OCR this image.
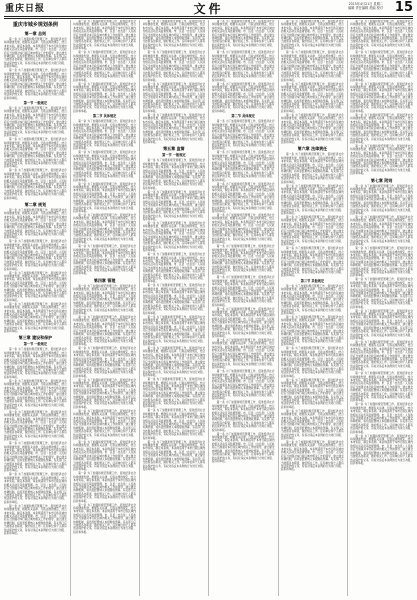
重庆日报	文件	2015年4月21日 星期二
编辑 责任编辑 美编 校对 15
重庆市城乡规划条例
第一章 总则

第一条 为了加强和规范管理工作，促进经济社会持续健康发展，根据有关法律、行政法规的规定，结合本市实际，制定本条例。本条例适用于本市行政区域内的相关活动及其监督管理。市、区县（自治县）人民政府应当加强对本行政区域内相关工作的领导，建立健全协调机制，将所需经费纳入本级财政预算。有关部门应当按照各自职责，做好相关工作。任何单位和个人都有依法保护的义务，有权对违反本条例的行为进行劝阻、投诉和举报。

第一条 为了加强和规范管理工作，促进经济社会持续健康发展，根据有关法律、行政法规的规定，结合本市实际，制定本条例。本条例适用于本市行政区域内的相关活动及其监督管理。市、区县（自治县）人民政府应当加强对本行政区域内相关工作的领导，建立健全协调机制，将所需经费纳入本级财政预算。有关部门应当按照各自职责，做好相关工作。任何单位和个人都有依法保护的义务，有权对违反本条例的行为进行劝阻、投诉和举报。

第一节 一般规定

第一条 为了加强和规范管理工作，促进经济社会持续健康发展，根据有关法律、行政法规的规定，结合本市实际，制定本条例。本条例适用于本市行政区域内的相关活动及其监督管理。市、区县（自治县）人民政府应当加强对本行政区域内相关工作的领导，建立健全协调机制，将所需经费纳入本级财政预算。有关部门应当按照各自职责，做好相关工作。任何单位和个人都有依法保护的义务，有权对违反本条例的行为进行劝阻、投诉和举报。

第一条 为了加强和规范管理工作，促进经济社会持续健康发展，根据有关法律、行政法规的规定，结合本市实际，制定本条例。本条例适用于本市行政区域内的相关活动及其监督管理。市、区县（自治县）人民政府应当加强对本行政区域内相关工作的领导，建立健全协调机制，将所需经费纳入本级财政预算。有关部门应当按照各自职责，做好相关工作。任何单位和个人都有依法保护的义务，有权对违反本条例的行为进行劝阻、投诉和举报。

第一条 为了加强和规范管理工作，促进经济社会持续健康发展，根据有关法律、行政法规的规定，结合本市实际，制定本条例。本条例适用于本市行政区域内的相关活动及其监督管理。市、区县（自治县）人民政府应当加强对本行政区域内相关工作的领导，建立健全协调机制，将所需经费纳入本级财政预算。有关部门应当按照各自职责，做好相关工作。任何单位和个人都有依法保护的义务，有权对违反本条例的行为进行劝阻、投诉和举报。

第二章 规划

第一条 为了加强和规范管理工作，促进经济社会持续健康发展，根据有关法律、行政法规的规定，结合本市实际，制定本条例。本条例适用于本市行政区域内的相关活动及其监督管理。市、区县（自治县）人民政府应当加强对本行政区域内相关工作的领导，建立健全协调机制，将所需经费纳入本级财政预算。有关部门应当按照各自职责，做好相关工作。任何单位和个人都有依法保护的义务，有权对违反本条例的行为进行劝阻、投诉和举报。

第一条 为了加强和规范管理工作，促进经济社会持续健康发展，根据有关法律、行政法规的规定，结合本市实际，制定本条例。本条例适用于本市行政区域内的相关活动及其监督管理。市、区县（自治县）人民政府应当加强对本行政区域内相关工作的领导，建立健全协调机制，将所需经费纳入本级财政预算。有关部门应当按照各自职责，做好相关工作。任何单位和个人都有依法保护的义务，有权对违反本条例的行为进行劝阻、投诉和举报。

第一条 为了加强和规范管理工作，促进经济社会持续健康发展，根据有关法律、行政法规的规定，结合本市实际，制定本条例。本条例适用于本市行政区域内的相关活动及其监督管理。市、区县（自治县）人民政府应当加强对本行政区域内相关工作的领导，建立健全协调机制，将所需经费纳入本级财政预算。有关部门应当按照各自职责，做好相关工作。任何单位和个人都有依法保护的义务，有权对违反本条例的行为进行劝阻、投诉和举报。

第一条 为了加强和规范管理工作，促进经济社会持续健康发展，根据有关法律、行政法规的规定，结合本市实际，制定本条例。本条例适用于本市行政区域内的相关活动及其监督管理。市、区县（自治县）人民政府应当加强对本行政区域内相关工作的领导，建立健全协调机制，将所需经费纳入本级财政预算。有关部门应当按照各自职责，做好相关工作。任何单位和个人都有依法保护的义务，有权对违反本条例的行为进行劝阻、投诉和举报。

第三章 建设和保护
第一节 一般规定

第一条 为了加强和规范管理工作，促进经济社会持续健康发展，根据有关法律、行政法规的规定，结合本市实际，制定本条例。本条例适用于本市行政区域内的相关活动及其监督管理。市、区县（自治县）人民政府应当加强对本行政区域内相关工作的领导，建立健全协调机制，将所需经费纳入本级财政预算。有关部门应当按照各自职责，做好相关工作。任何单位和个人都有依法保护的义务，有权对违反本条例的行为进行劝阻、投诉和举报。

第一条 为了加强和规范管理工作，促进经济社会持续健康发展，根据有关法律、行政法规的规定，结合本市实际，制定本条例。本条例适用于本市行政区域内的相关活动及其监督管理。市、区县（自治县）人民政府应当加强对本行政区域内相关工作的领导，建立健全协调机制，将所需经费纳入本级财政预算。有关部门应当按照各自职责，做好相关工作。任何单位和个人都有依法保护的义务，有权对违反本条例的行为进行劝阻、投诉和举报。

第一条 为了加强和规范管理工作，促进经济社会持续健康发展，根据有关法律、行政法规的规定，结合本市实际，制定本条例。本条例适用于本市行政区域内的相关活动及其监督管理。市、区县（自治县）人民政府应当加强对本行政区域内相关工作的领导，建立健全协调机制，将所需经费纳入本级财政预算。有关部门应当按照各自职责，做好相关工作。任何单位和个人都有依法保护的义务，有权对违反本条例的行为进行劝阻、投诉和举报。

第一条 为了加强和规范管理工作，促进经济社会持续健康发展，根据有关法律、行政法规的规定，结合本市实际，制定本条例。本条例适用于本市行政区域内的相关活动及其监督管理。市、区县（自治县）人民政府应当加强对本行政区域内相关工作的领导，建立健全协调机制，将所需经费纳入本级财政预算。有关部门应当按照各自职责，做好相关工作。任何单位和个人都有依法保护的义务，有权对违反本条例的行为进行劝阻、投诉和举报。

第一条 为了加强和规范管理工作，促进经济社会持续健康发展，根据有关法律、行政法规的规定，结合本市实际，制定本条例。本条例适用于本市行政区域内的相关活动及其监督管理。市、区县（自治县）人民政府应当加强对本行政区域内相关工作的领导，建立健全协调机制，将所需经费纳入本级财政预算。有关部门应当按照各自职责，做好相关工作。任何单位和个人都有依法保护的义务，有权对违反本条例的行为进行劝阻、投诉和举报。

第一条 为了加强和规范管理工作，促进经济社会持续健康发展，根据有关法律、行政法规的规定，结合本市实际，制定本条例。本条例适用于本市行政区域内的相关活动及其监督管理。市、区县（自治县）人民政府应当加强对本行政区域内相关工作的领导，建立健全协调机制，将所需经费纳入本级财政预算。有关部门应当按照各自职责，做好相关工作。任何单位和个人都有依法保护的义务，有权对违反本条例的行为进行劝阻、投诉和举报。

第一条 为了加强和规范管理工作，促进经济社会持续健康发展，根据有关法律、行政法规的规定，结合本市实际，制定本条例。本条例适用于本市行政区域内的相关活动及其监督管理。市、区县（自治县）人民政府应当加强对本行政区域内相关工作的领导，建立健全协调机制，将所需经费纳入本级财政预算。有关部门应当按照各自职责，做好相关工作。任何单位和个人都有依法保护的义务，有权对违反本条例的行为进行劝阻、投诉和举报。

第一条 为了加强和规范管理工作，促进经济社会持续健康发展，根据有关法律、行政法规的规定，结合本市实际，制定本条例。本条例适用于本市行政区域内的相关活动及其监督管理。市、区县（自治县）人民政府应当加强对本行政区域内相关工作的领导，建立健全协调机制，将所需经费纳入本级财政预算。有关部门应当按照各自职责，做好相关工作。任何单位和个人都有依法保护的义务，有权对违反本条例的行为进行劝阻、投诉和举报。

第一条 为了加强和规范管理工作，促进经济社会持续健康发展，根据有关法律、行政法规的规定，结合本市实际，制定本条例。本条例适用于本市行政区域内的相关活动及其监督管理。市、区县（自治县）人民政府应当加强对本行政区域内相关工作的领导，建立健全协调机制，将所需经费纳入本级财政预算。有关部门应当按照各自职责，做好相关工作。任何单位和个人都有依法保护的义务，有权对违反本条例的行为进行劝阻、投诉和举报。

第二节 具体规定

第一条 为了加强和规范管理工作，促进经济社会持续健康发展，根据有关法律、行政法规的规定，结合本市实际，制定本条例。本条例适用于本市行政区域内的相关活动及其监督管理。市、区县（自治县）人民政府应当加强对本行政区域内相关工作的领导，建立健全协调机制，将所需经费纳入本级财政预算。有关部门应当按照各自职责，做好相关工作。任何单位和个人都有依法保护的义务，有权对违反本条例的行为进行劝阻、投诉和举报。

第一条 为了加强和规范管理工作，促进经济社会持续健康发展，根据有关法律、行政法规的规定，结合本市实际，制定本条例。本条例适用于本市行政区域内的相关活动及其监督管理。市、区县（自治县）人民政府应当加强对本行政区域内相关工作的领导，建立健全协调机制，将所需经费纳入本级财政预算。有关部门应当按照各自职责，做好相关工作。任何单位和个人都有依法保护的义务，有权对违反本条例的行为进行劝阻、投诉和举报。

第一条 为了加强和规范管理工作，促进经济社会持续健康发展，根据有关法律、行政法规的规定，结合本市实际，制定本条例。本条例适用于本市行政区域内的相关活动及其监督管理。市、区县（自治县）人民政府应当加强对本行政区域内相关工作的领导，建立健全协调机制，将所需经费纳入本级财政预算。有关部门应当按照各自职责，做好相关工作。任何单位和个人都有依法保护的义务，有权对违反本条例的行为进行劝阻、投诉和举报。

第一条 为了加强和规范管理工作，促进经济社会持续健康发展，根据有关法律、行政法规的规定，结合本市实际，制定本条例。本条例适用于本市行政区域内的相关活动及其监督管理。市、区县（自治县）人民政府应当加强对本行政区域内相关工作的领导，建立健全协调机制，将所需经费纳入本级财政预算。有关部门应当按照各自职责，做好相关工作。任何单位和个人都有依法保护的义务，有权对违反本条例的行为进行劝阻、投诉和举报。

第一条 为了加强和规范管理工作，促进经济社会持续健康发展，根据有关法律、行政法规的规定，结合本市实际，制定本条例。本条例适用于本市行政区域内的相关活动及其监督管理。市、区县（自治县）人民政府应当加强对本行政区域内相关工作的领导，建立健全协调机制，将所需经费纳入本级财政预算。有关部门应当按照各自职责，做好相关工作。任何单位和个人都有依法保护的义务，有权对违反本条例的行为进行劝阻、投诉和举报。

第四章 管理

第一条 为了加强和规范管理工作，促进经济社会持续健康发展，根据有关法律、行政法规的规定，结合本市实际，制定本条例。本条例适用于本市行政区域内的相关活动及其监督管理。市、区县（自治县）人民政府应当加强对本行政区域内相关工作的领导，建立健全协调机制，将所需经费纳入本级财政预算。有关部门应当按照各自职责，做好相关工作。任何单位和个人都有依法保护的义务，有权对违反本条例的行为进行劝阻、投诉和举报。

第一条 为了加强和规范管理工作，促进经济社会持续健康发展，根据有关法律、行政法规的规定，结合本市实际，制定本条例。本条例适用于本市行政区域内的相关活动及其监督管理。市、区县（自治县）人民政府应当加强对本行政区域内相关工作的领导，建立健全协调机制，将所需经费纳入本级财政预算。有关部门应当按照各自职责，做好相关工作。任何单位和个人都有依法保护的义务，有权对违反本条例的行为进行劝阻、投诉和举报。

第一条 为了加强和规范管理工作，促进经济社会持续健康发展，根据有关法律、行政法规的规定，结合本市实际，制定本条例。本条例适用于本市行政区域内的相关活动及其监督管理。市、区县（自治县）人民政府应当加强对本行政区域内相关工作的领导，建立健全协调机制，将所需经费纳入本级财政预算。有关部门应当按照各自职责，做好相关工作。任何单位和个人都有依法保护的义务，有权对违反本条例的行为进行劝阻、投诉和举报。

第一条 为了加强和规范管理工作，促进经济社会持续健康发展，根据有关法律、行政法规的规定，结合本市实际，制定本条例。本条例适用于本市行政区域内的相关活动及其监督管理。市、区县（自治县）人民政府应当加强对本行政区域内相关工作的领导，建立健全协调机制，将所需经费纳入本级财政预算。有关部门应当按照各自职责，做好相关工作。任何单位和个人都有依法保护的义务，有权对违反本条例的行为进行劝阻、投诉和举报。

第一条 为了加强和规范管理工作，促进经济社会持续健康发展，根据有关法律、行政法规的规定，结合本市实际，制定本条例。本条例适用于本市行政区域内的相关活动及其监督管理。市、区县（自治县）人民政府应当加强对本行政区域内相关工作的领导，建立健全协调机制，将所需经费纳入本级财政预算。有关部门应当按照各自职责，做好相关工作。任何单位和个人都有依法保护的义务，有权对违反本条例的行为进行劝阻、投诉和举报。

第一条 为了加强和规范管理工作，促进经济社会持续健康发展，根据有关法律、行政法规的规定，结合本市实际，制定本条例。本条例适用于本市行政区域内的相关活动及其监督管理。市、区县（自治县）人民政府应当加强对本行政区域内相关工作的领导，建立健全协调机制，将所需经费纳入本级财政预算。有关部门应当按照各自职责，做好相关工作。任何单位和个人都有依法保护的义务，有权对违反本条例的行为进行劝阻、投诉和举报。

第一条 为了加强和规范管理工作，促进经济社会持续健康发展，根据有关法律、行政法规的规定，结合本市实际，制定本条例。本条例适用于本市行政区域内的相关活动及其监督管理。市、区县（自治县）人民政府应当加强对本行政区域内相关工作的领导，建立健全协调机制，将所需经费纳入本级财政预算。有关部门应当按照各自职责，做好相关工作。任何单位和个人都有依法保护的义务，有权对违反本条例的行为进行劝阻、投诉和举报。

第一条 为了加强和规范管理工作，促进经济社会持续健康发展，根据有关法律、行政法规的规定，结合本市实际，制定本条例。本条例适用于本市行政区域内的相关活动及其监督管理。市、区县（自治县）人民政府应当加强对本行政区域内相关工作的领导，建立健全协调机制，将所需经费纳入本级财政预算。有关部门应当按照各自职责，做好相关工作。任何单位和个人都有依法保护的义务，有权对违反本条例的行为进行劝阻、投诉和举报。

第一条 为了加强和规范管理工作，促进经济社会持续健康发展，根据有关法律、行政法规的规定，结合本市实际，制定本条例。本条例适用于本市行政区域内的相关活动及其监督管理。市、区县（自治县）人民政府应当加强对本行政区域内相关工作的领导，建立健全协调机制，将所需经费纳入本级财政预算。有关部门应当按照各自职责，做好相关工作。任何单位和个人都有依法保护的义务，有权对违反本条例的行为进行劝阻、投诉和举报。

第一条 为了加强和规范管理工作，促进经济社会持续健康发展，根据有关法律、行政法规的规定，结合本市实际，制定本条例。本条例适用于本市行政区域内的相关活动及其监督管理。市、区县（自治县）人民政府应当加强对本行政区域内相关工作的领导，建立健全协调机制，将所需经费纳入本级财政预算。有关部门应当按照各自职责，做好相关工作。任何单位和个人都有依法保护的义务，有权对违反本条例的行为进行劝阻、投诉和举报。

第一条 为了加强和规范管理工作，促进经济社会持续健康发展，根据有关法律、行政法规的规定，结合本市实际，制定本条例。本条例适用于本市行政区域内的相关活动及其监督管理。市、区县（自治县）人民政府应当加强对本行政区域内相关工作的领导，建立健全协调机制，将所需经费纳入本级财政预算。有关部门应当按照各自职责，做好相关工作。任何单位和个人都有依法保护的义务，有权对违反本条例的行为进行劝阻、投诉和举报。

第一条 为了加强和规范管理工作，促进经济社会持续健康发展，根据有关法律、行政法规的规定，结合本市实际，制定本条例。本条例适用于本市行政区域内的相关活动及其监督管理。市、区县（自治县）人民政府应当加强对本行政区域内相关工作的领导，建立健全协调机制，将所需经费纳入本级财政预算。有关部门应当按照各自职责，做好相关工作。任何单位和个人都有依法保护的义务，有权对违反本条例的行为进行劝阻、投诉和举报。

第五章 监督
第一节 一般规定

第一条 为了加强和规范管理工作，促进经济社会持续健康发展，根据有关法律、行政法规的规定，结合本市实际，制定本条例。本条例适用于本市行政区域内的相关活动及其监督管理。市、区县（自治县）人民政府应当加强对本行政区域内相关工作的领导，建立健全协调机制，将所需经费纳入本级财政预算。有关部门应当按照各自职责，做好相关工作。任何单位和个人都有依法保护的义务，有权对违反本条例的行为进行劝阻、投诉和举报。

第一条 为了加强和规范管理工作，促进经济社会持续健康发展，根据有关法律、行政法规的规定，结合本市实际，制定本条例。本条例适用于本市行政区域内的相关活动及其监督管理。市、区县（自治县）人民政府应当加强对本行政区域内相关工作的领导，建立健全协调机制，将所需经费纳入本级财政预算。有关部门应当按照各自职责，做好相关工作。任何单位和个人都有依法保护的义务，有权对违反本条例的行为进行劝阻、投诉和举报。

第一条 为了加强和规范管理工作，促进经济社会持续健康发展，根据有关法律、行政法规的规定，结合本市实际，制定本条例。本条例适用于本市行政区域内的相关活动及其监督管理。市、区县（自治县）人民政府应当加强对本行政区域内相关工作的领导，建立健全协调机制，将所需经费纳入本级财政预算。有关部门应当按照各自职责，做好相关工作。任何单位和个人都有依法保护的义务，有权对违反本条例的行为进行劝阻、投诉和举报。

第一条 为了加强和规范管理工作，促进经济社会持续健康发展，根据有关法律、行政法规的规定，结合本市实际，制定本条例。本条例适用于本市行政区域内的相关活动及其监督管理。市、区县（自治县）人民政府应当加强对本行政区域内相关工作的领导，建立健全协调机制，将所需经费纳入本级财政预算。有关部门应当按照各自职责，做好相关工作。任何单位和个人都有依法保护的义务，有权对违反本条例的行为进行劝阻、投诉和举报。

第一条 为了加强和规范管理工作，促进经济社会持续健康发展，根据有关法律、行政法规的规定，结合本市实际，制定本条例。本条例适用于本市行政区域内的相关活动及其监督管理。市、区县（自治县）人民政府应当加强对本行政区域内相关工作的领导，建立健全协调机制，将所需经费纳入本级财政预算。有关部门应当按照各自职责，做好相关工作。任何单位和个人都有依法保护的义务，有权对违反本条例的行为进行劝阻、投诉和举报。

第一条 为了加强和规范管理工作，促进经济社会持续健康发展，根据有关法律、行政法规的规定，结合本市实际，制定本条例。本条例适用于本市行政区域内的相关活动及其监督管理。市、区县（自治县）人民政府应当加强对本行政区域内相关工作的领导，建立健全协调机制，将所需经费纳入本级财政预算。有关部门应当按照各自职责，做好相关工作。任何单位和个人都有依法保护的义务，有权对违反本条例的行为进行劝阻、投诉和举报。

第一条 为了加强和规范管理工作，促进经济社会持续健康发展，根据有关法律、行政法规的规定，结合本市实际，制定本条例。本条例适用于本市行政区域内的相关活动及其监督管理。市、区县（自治县）人民政府应当加强对本行政区域内相关工作的领导，建立健全协调机制，将所需经费纳入本级财政预算。有关部门应当按照各自职责，做好相关工作。任何单位和个人都有依法保护的义务，有权对违反本条例的行为进行劝阻、投诉和举报。

第一条 为了加强和规范管理工作，促进经济社会持续健康发展，根据有关法律、行政法规的规定，结合本市实际，制定本条例。本条例适用于本市行政区域内的相关活动及其监督管理。市、区县（自治县）人民政府应当加强对本行政区域内相关工作的领导，建立健全协调机制，将所需经费纳入本级财政预算。有关部门应当按照各自职责，做好相关工作。任何单位和个人都有依法保护的义务，有权对违反本条例的行为进行劝阻、投诉和举报。

第一条 为了加强和规范管理工作，促进经济社会持续健康发展，根据有关法律、行政法规的规定，结合本市实际，制定本条例。本条例适用于本市行政区域内的相关活动及其监督管理。市、区县（自治县）人民政府应当加强对本行政区域内相关工作的领导，建立健全协调机制，将所需经费纳入本级财政预算。有关部门应当按照各自职责，做好相关工作。任何单位和个人都有依法保护的义务，有权对违反本条例的行为进行劝阻、投诉和举报。

第一条 为了加强和规范管理工作，促进经济社会持续健康发展，根据有关法律、行政法规的规定，结合本市实际，制定本条例。本条例适用于本市行政区域内的相关活动及其监督管理。市、区县（自治县）人民政府应当加强对本行政区域内相关工作的领导，建立健全协调机制，将所需经费纳入本级财政预算。有关部门应当按照各自职责，做好相关工作。任何单位和个人都有依法保护的义务，有权对违反本条例的行为进行劝阻、投诉和举报。

第一条 为了加强和规范管理工作，促进经济社会持续健康发展，根据有关法律、行政法规的规定，结合本市实际，制定本条例。本条例适用于本市行政区域内的相关活动及其监督管理。市、区县（自治县）人民政府应当加强对本行政区域内相关工作的领导，建立健全协调机制，将所需经费纳入本级财政预算。有关部门应当按照各自职责，做好相关工作。任何单位和个人都有依法保护的义务，有权对违反本条例的行为进行劝阻、投诉和举报。

第一条 为了加强和规范管理工作，促进经济社会持续健康发展，根据有关法律、行政法规的规定，结合本市实际，制定本条例。本条例适用于本市行政区域内的相关活动及其监督管理。市、区县（自治县）人民政府应当加强对本行政区域内相关工作的领导，建立健全协调机制，将所需经费纳入本级财政预算。有关部门应当按照各自职责，做好相关工作。任何单位和个人都有依法保护的义务，有权对违反本条例的行为进行劝阻、投诉和举报。

第一条 为了加强和规范管理工作，促进经济社会持续健康发展，根据有关法律、行政法规的规定，结合本市实际，制定本条例。本条例适用于本市行政区域内的相关活动及其监督管理。市、区县（自治县）人民政府应当加强对本行政区域内相关工作的领导，建立健全协调机制，将所需经费纳入本级财政预算。有关部门应当按照各自职责，做好相关工作。任何单位和个人都有依法保护的义务，有权对违反本条例的行为进行劝阻、投诉和举报。

第二节 具体规定

第一条 为了加强和规范管理工作，促进经济社会持续健康发展，根据有关法律、行政法规的规定，结合本市实际，制定本条例。本条例适用于本市行政区域内的相关活动及其监督管理。市、区县（自治县）人民政府应当加强对本行政区域内相关工作的领导，建立健全协调机制，将所需经费纳入本级财政预算。有关部门应当按照各自职责，做好相关工作。任何单位和个人都有依法保护的义务，有权对违反本条例的行为进行劝阻、投诉和举报。

第一条 为了加强和规范管理工作，促进经济社会持续健康发展，根据有关法律、行政法规的规定，结合本市实际，制定本条例。本条例适用于本市行政区域内的相关活动及其监督管理。市、区县（自治县）人民政府应当加强对本行政区域内相关工作的领导，建立健全协调机制，将所需经费纳入本级财政预算。有关部门应当按照各自职责，做好相关工作。任何单位和个人都有依法保护的义务，有权对违反本条例的行为进行劝阻、投诉和举报。

第一条 为了加强和规范管理工作，促进经济社会持续健康发展，根据有关法律、行政法规的规定，结合本市实际，制定本条例。本条例适用于本市行政区域内的相关活动及其监督管理。市、区县（自治县）人民政府应当加强对本行政区域内相关工作的领导，建立健全协调机制，将所需经费纳入本级财政预算。有关部门应当按照各自职责，做好相关工作。任何单位和个人都有依法保护的义务，有权对违反本条例的行为进行劝阻、投诉和举报。

第一条 为了加强和规范管理工作，促进经济社会持续健康发展，根据有关法律、行政法规的规定，结合本市实际，制定本条例。本条例适用于本市行政区域内的相关活动及其监督管理。市、区县（自治县）人民政府应当加强对本行政区域内相关工作的领导，建立健全协调机制，将所需经费纳入本级财政预算。有关部门应当按照各自职责，做好相关工作。任何单位和个人都有依法保护的义务，有权对违反本条例的行为进行劝阻、投诉和举报。

第一条 为了加强和规范管理工作，促进经济社会持续健康发展，根据有关法律、行政法规的规定，结合本市实际，制定本条例。本条例适用于本市行政区域内的相关活动及其监督管理。市、区县（自治县）人民政府应当加强对本行政区域内相关工作的领导，建立健全协调机制，将所需经费纳入本级财政预算。有关部门应当按照各自职责，做好相关工作。任何单位和个人都有依法保护的义务，有权对违反本条例的行为进行劝阻、投诉和举报。

第一条 为了加强和规范管理工作，促进经济社会持续健康发展，根据有关法律、行政法规的规定，结合本市实际，制定本条例。本条例适用于本市行政区域内的相关活动及其监督管理。市、区县（自治县）人民政府应当加强对本行政区域内相关工作的领导，建立健全协调机制，将所需经费纳入本级财政预算。有关部门应当按照各自职责，做好相关工作。任何单位和个人都有依法保护的义务，有权对违反本条例的行为进行劝阻、投诉和举报。

第一条 为了加强和规范管理工作，促进经济社会持续健康发展，根据有关法律、行政法规的规定，结合本市实际，制定本条例。本条例适用于本市行政区域内的相关活动及其监督管理。市、区县（自治县）人民政府应当加强对本行政区域内相关工作的领导，建立健全协调机制，将所需经费纳入本级财政预算。有关部门应当按照各自职责，做好相关工作。任何单位和个人都有依法保护的义务，有权对违反本条例的行为进行劝阻、投诉和举报。

第一条 为了加强和规范管理工作，促进经济社会持续健康发展，根据有关法律、行政法规的规定，结合本市实际，制定本条例。本条例适用于本市行政区域内的相关活动及其监督管理。市、区县（自治县）人民政府应当加强对本行政区域内相关工作的领导，建立健全协调机制，将所需经费纳入本级财政预算。有关部门应当按照各自职责，做好相关工作。任何单位和个人都有依法保护的义务，有权对违反本条例的行为进行劝阻、投诉和举报。

第一条 为了加强和规范管理工作，促进经济社会持续健康发展，根据有关法律、行政法规的规定，结合本市实际，制定本条例。本条例适用于本市行政区域内的相关活动及其监督管理。市、区县（自治县）人民政府应当加强对本行政区域内相关工作的领导，建立健全协调机制，将所需经费纳入本级财政预算。有关部门应当按照各自职责，做好相关工作。任何单位和个人都有依法保护的义务，有权对违反本条例的行为进行劝阻、投诉和举报。

第一条 为了加强和规范管理工作，促进经济社会持续健康发展，根据有关法律、行政法规的规定，结合本市实际，制定本条例。本条例适用于本市行政区域内的相关活动及其监督管理。市、区县（自治县）人民政府应当加强对本行政区域内相关工作的领导，建立健全协调机制，将所需经费纳入本级财政预算。有关部门应当按照各自职责，做好相关工作。任何单位和个人都有依法保护的义务，有权对违反本条例的行为进行劝阻、投诉和举报。

第一条 为了加强和规范管理工作，促进经济社会持续健康发展，根据有关法律、行政法规的规定，结合本市实际，制定本条例。本条例适用于本市行政区域内的相关活动及其监督管理。市、区县（自治县）人民政府应当加强对本行政区域内相关工作的领导，建立健全协调机制，将所需经费纳入本级财政预算。有关部门应当按照各自职责，做好相关工作。任何单位和个人都有依法保护的义务，有权对违反本条例的行为进行劝阻、投诉和举报。

第一条 为了加强和规范管理工作，促进经济社会持续健康发展，根据有关法律、行政法规的规定，结合本市实际，制定本条例。本条例适用于本市行政区域内的相关活动及其监督管理。市、区县（自治县）人民政府应当加强对本行政区域内相关工作的领导，建立健全协调机制，将所需经费纳入本级财政预算。有关部门应当按照各自职责，做好相关工作。任何单位和个人都有依法保护的义务，有权对违反本条例的行为进行劝阻、投诉和举报。

第一条 为了加强和规范管理工作，促进经济社会持续健康发展，根据有关法律、行政法规的规定，结合本市实际，制定本条例。本条例适用于本市行政区域内的相关活动及其监督管理。市、区县（自治县）人民政府应当加强对本行政区域内相关工作的领导，建立健全协调机制，将所需经费纳入本级财政预算。有关部门应当按照各自职责，做好相关工作。任何单位和个人都有依法保护的义务，有权对违反本条例的行为进行劝阻、投诉和举报。

第一条 为了加强和规范管理工作，促进经济社会持续健康发展，根据有关法律、行政法规的规定，结合本市实际，制定本条例。本条例适用于本市行政区域内的相关活动及其监督管理。市、区县（自治县）人民政府应当加强对本行政区域内相关工作的领导，建立健全协调机制，将所需经费纳入本级财政预算。有关部门应当按照各自职责，做好相关工作。任何单位和个人都有依法保护的义务，有权对违反本条例的行为进行劝阻、投诉和举报。

第一条 为了加强和规范管理工作，促进经济社会持续健康发展，根据有关法律、行政法规的规定，结合本市实际，制定本条例。本条例适用于本市行政区域内的相关活动及其监督管理。市、区县（自治县）人民政府应当加强对本行政区域内相关工作的领导，建立健全协调机制，将所需经费纳入本级财政预算。有关部门应当按照各自职责，做好相关工作。任何单位和个人都有依法保护的义务，有权对违反本条例的行为进行劝阻、投诉和举报。

第六章 法律责任

第一条 为了加强和规范管理工作，促进经济社会持续健康发展，根据有关法律、行政法规的规定，结合本市实际，制定本条例。本条例适用于本市行政区域内的相关活动及其监督管理。市、区县（自治县）人民政府应当加强对本行政区域内相关工作的领导，建立健全协调机制，将所需经费纳入本级财政预算。有关部门应当按照各自职责，做好相关工作。任何单位和个人都有依法保护的义务，有权对违反本条例的行为进行劝阻、投诉和举报。

第一条 为了加强和规范管理工作，促进经济社会持续健康发展，根据有关法律、行政法规的规定，结合本市实际，制定本条例。本条例适用于本市行政区域内的相关活动及其监督管理。市、区县（自治县）人民政府应当加强对本行政区域内相关工作的领导，建立健全协调机制，将所需经费纳入本级财政预算。有关部门应当按照各自职责，做好相关工作。任何单位和个人都有依法保护的义务，有权对违反本条例的行为进行劝阻、投诉和举报。

第一条 为了加强和规范管理工作，促进经济社会持续健康发展，根据有关法律、行政法规的规定，结合本市实际，制定本条例。本条例适用于本市行政区域内的相关活动及其监督管理。市、区县（自治县）人民政府应当加强对本行政区域内相关工作的领导，建立健全协调机制，将所需经费纳入本级财政预算。有关部门应当按照各自职责，做好相关工作。任何单位和个人都有依法保护的义务，有权对违反本条例的行为进行劝阻、投诉和举报。

第一条 为了加强和规范管理工作，促进经济社会持续健康发展，根据有关法律、行政法规的规定，结合本市实际，制定本条例。本条例适用于本市行政区域内的相关活动及其监督管理。市、区县（自治县）人民政府应当加强对本行政区域内相关工作的领导，建立健全协调机制，将所需经费纳入本级财政预算。有关部门应当按照各自职责，做好相关工作。任何单位和个人都有依法保护的义务，有权对违反本条例的行为进行劝阻、投诉和举报。

第三节 其他规定

第一条 为了加强和规范管理工作，促进经济社会持续健康发展，根据有关法律、行政法规的规定，结合本市实际，制定本条例。本条例适用于本市行政区域内的相关活动及其监督管理。市、区县（自治县）人民政府应当加强对本行政区域内相关工作的领导，建立健全协调机制，将所需经费纳入本级财政预算。有关部门应当按照各自职责，做好相关工作。任何单位和个人都有依法保护的义务，有权对违反本条例的行为进行劝阻、投诉和举报。

第一条 为了加强和规范管理工作，促进经济社会持续健康发展，根据有关法律、行政法规的规定，结合本市实际，制定本条例。本条例适用于本市行政区域内的相关活动及其监督管理。市、区县（自治县）人民政府应当加强对本行政区域内相关工作的领导，建立健全协调机制，将所需经费纳入本级财政预算。有关部门应当按照各自职责，做好相关工作。任何单位和个人都有依法保护的义务，有权对违反本条例的行为进行劝阻、投诉和举报。

第一条 为了加强和规范管理工作，促进经济社会持续健康发展，根据有关法律、行政法规的规定，结合本市实际，制定本条例。本条例适用于本市行政区域内的相关活动及其监督管理。市、区县（自治县）人民政府应当加强对本行政区域内相关工作的领导，建立健全协调机制，将所需经费纳入本级财政预算。有关部门应当按照各自职责，做好相关工作。任何单位和个人都有依法保护的义务，有权对违反本条例的行为进行劝阻、投诉和举报。

第一条 为了加强和规范管理工作，促进经济社会持续健康发展，根据有关法律、行政法规的规定，结合本市实际，制定本条例。本条例适用于本市行政区域内的相关活动及其监督管理。市、区县（自治县）人民政府应当加强对本行政区域内相关工作的领导，建立健全协调机制，将所需经费纳入本级财政预算。有关部门应当按照各自职责，做好相关工作。任何单位和个人都有依法保护的义务，有权对违反本条例的行为进行劝阻、投诉和举报。

第一条 为了加强和规范管理工作，促进经济社会持续健康发展，根据有关法律、行政法规的规定，结合本市实际，制定本条例。本条例适用于本市行政区域内的相关活动及其监督管理。市、区县（自治县）人民政府应当加强对本行政区域内相关工作的领导，建立健全协调机制，将所需经费纳入本级财政预算。有关部门应当按照各自职责，做好相关工作。任何单位和个人都有依法保护的义务，有权对违反本条例的行为进行劝阻、投诉和举报。

第一条 为了加强和规范管理工作，促进经济社会持续健康发展，根据有关法律、行政法规的规定，结合本市实际，制定本条例。本条例适用于本市行政区域内的相关活动及其监督管理。市、区县（自治县）人民政府应当加强对本行政区域内相关工作的领导，建立健全协调机制，将所需经费纳入本级财政预算。有关部门应当按照各自职责，做好相关工作。任何单位和个人都有依法保护的义务，有权对违反本条例的行为进行劝阻、投诉和举报。

第一条 为了加强和规范管理工作，促进经济社会持续健康发展，根据有关法律、行政法规的规定，结合本市实际，制定本条例。本条例适用于本市行政区域内的相关活动及其监督管理。市、区县（自治县）人民政府应当加强对本行政区域内相关工作的领导，建立健全协调机制，将所需经费纳入本级财政预算。有关部门应当按照各自职责，做好相关工作。任何单位和个人都有依法保护的义务，有权对违反本条例的行为进行劝阻、投诉和举报。

第一条 为了加强和规范管理工作，促进经济社会持续健康发展，根据有关法律、行政法规的规定，结合本市实际，制定本条例。本条例适用于本市行政区域内的相关活动及其监督管理。市、区县（自治县）人民政府应当加强对本行政区域内相关工作的领导，建立健全协调机制，将所需经费纳入本级财政预算。有关部门应当按照各自职责，做好相关工作。任何单位和个人都有依法保护的义务，有权对违反本条例的行为进行劝阻、投诉和举报。

第一条 为了加强和规范管理工作，促进经济社会持续健康发展，根据有关法律、行政法规的规定，结合本市实际，制定本条例。本条例适用于本市行政区域内的相关活动及其监督管理。市、区县（自治县）人民政府应当加强对本行政区域内相关工作的领导，建立健全协调机制，将所需经费纳入本级财政预算。有关部门应当按照各自职责，做好相关工作。任何单位和个人都有依法保护的义务，有权对违反本条例的行为进行劝阻、投诉和举报。

第一条 为了加强和规范管理工作，促进经济社会持续健康发展，根据有关法律、行政法规的规定，结合本市实际，制定本条例。本条例适用于本市行政区域内的相关活动及其监督管理。市、区县（自治县）人民政府应当加强对本行政区域内相关工作的领导，建立健全协调机制，将所需经费纳入本级财政预算。有关部门应当按照各自职责，做好相关工作。任何单位和个人都有依法保护的义务，有权对违反本条例的行为进行劝阻、投诉和举报。

第一条 为了加强和规范管理工作，促进经济社会持续健康发展，根据有关法律、行政法规的规定，结合本市实际，制定本条例。本条例适用于本市行政区域内的相关活动及其监督管理。市、区县（自治县）人民政府应当加强对本行政区域内相关工作的领导，建立健全协调机制，将所需经费纳入本级财政预算。有关部门应当按照各自职责，做好相关工作。任何单位和个人都有依法保护的义务，有权对违反本条例的行为进行劝阻、投诉和举报。

第七章 附则

第一条 为了加强和规范管理工作，促进经济社会持续健康发展，根据有关法律、行政法规的规定，结合本市实际，制定本条例。本条例适用于本市行政区域内的相关活动及其监督管理。市、区县（自治县）人民政府应当加强对本行政区域内相关工作的领导，建立健全协调机制，将所需经费纳入本级财政预算。有关部门应当按照各自职责，做好相关工作。任何单位和个人都有依法保护的义务，有权对违反本条例的行为进行劝阻、投诉和举报。

第一条 为了加强和规范管理工作，促进经济社会持续健康发展，根据有关法律、行政法规的规定，结合本市实际，制定本条例。本条例适用于本市行政区域内的相关活动及其监督管理。市、区县（自治县）人民政府应当加强对本行政区域内相关工作的领导，建立健全协调机制，将所需经费纳入本级财政预算。有关部门应当按照各自职责，做好相关工作。任何单位和个人都有依法保护的义务，有权对违反本条例的行为进行劝阻、投诉和举报。

第一条 为了加强和规范管理工作，促进经济社会持续健康发展，根据有关法律、行政法规的规定，结合本市实际，制定本条例。本条例适用于本市行政区域内的相关活动及其监督管理。市、区县（自治县）人民政府应当加强对本行政区域内相关工作的领导，建立健全协调机制，将所需经费纳入本级财政预算。有关部门应当按照各自职责，做好相关工作。任何单位和个人都有依法保护的义务，有权对违反本条例的行为进行劝阻、投诉和举报。

第一条 为了加强和规范管理工作，促进经济社会持续健康发展，根据有关法律、行政法规的规定，结合本市实际，制定本条例。本条例适用于本市行政区域内的相关活动及其监督管理。市、区县（自治县）人民政府应当加强对本行政区域内相关工作的领导，建立健全协调机制，将所需经费纳入本级财政预算。有关部门应当按照各自职责，做好相关工作。任何单位和个人都有依法保护的义务，有权对违反本条例的行为进行劝阻、投诉和举报。

第一条 为了加强和规范管理工作，促进经济社会持续健康发展，根据有关法律、行政法规的规定，结合本市实际，制定本条例。本条例适用于本市行政区域内的相关活动及其监督管理。市、区县（自治县）人民政府应当加强对本行政区域内相关工作的领导，建立健全协调机制，将所需经费纳入本级财政预算。有关部门应当按照各自职责，做好相关工作。任何单位和个人都有依法保护的义务，有权对违反本条例的行为进行劝阻、投诉和举报。

第一条 为了加强和规范管理工作，促进经济社会持续健康发展，根据有关法律、行政法规的规定，结合本市实际，制定本条例。本条例适用于本市行政区域内的相关活动及其监督管理。市、区县（自治县）人民政府应当加强对本行政区域内相关工作的领导，建立健全协调机制，将所需经费纳入本级财政预算。有关部门应当按照各自职责，做好相关工作。任何单位和个人都有依法保护的义务，有权对违反本条例的行为进行劝阻、投诉和举报。

第一条 为了加强和规范管理工作，促进经济社会持续健康发展，根据有关法律、行政法规的规定，结合本市实际，制定本条例。本条例适用于本市行政区域内的相关活动及其监督管理。市、区县（自治县）人民政府应当加强对本行政区域内相关工作的领导，建立健全协调机制，将所需经费纳入本级财政预算。有关部门应当按照各自职责，做好相关工作。任何单位和个人都有依法保护的义务，有权对违反本条例的行为进行劝阻、投诉和举报。

第一条 为了加强和规范管理工作，促进经济社会持续健康发展，根据有关法律、行政法规的规定，结合本市实际，制定本条例。本条例适用于本市行政区域内的相关活动及其监督管理。市、区县（自治县）人民政府应当加强对本行政区域内相关工作的领导，建立健全协调机制，将所需经费纳入本级财政预算。有关部门应当按照各自职责，做好相关工作。任何单位和个人都有依法保护的义务，有权对违反本条例的行为进行劝阻、投诉和举报。

第一条 为了加强和规范管理工作，促进经济社会持续健康发展，根据有关法律、行政法规的规定，结合本市实际，制定本条例。本条例适用于本市行政区域内的相关活动及其监督管理。市、区县（自治县）人民政府应当加强对本行政区域内相关工作的领导，建立健全协调机制，将所需经费纳入本级财政预算。有关部门应当按照各自职责，做好相关工作。任何单位和个人都有依法保护的义务，有权对违反本条例的行为进行劝阻、投诉和举报。
